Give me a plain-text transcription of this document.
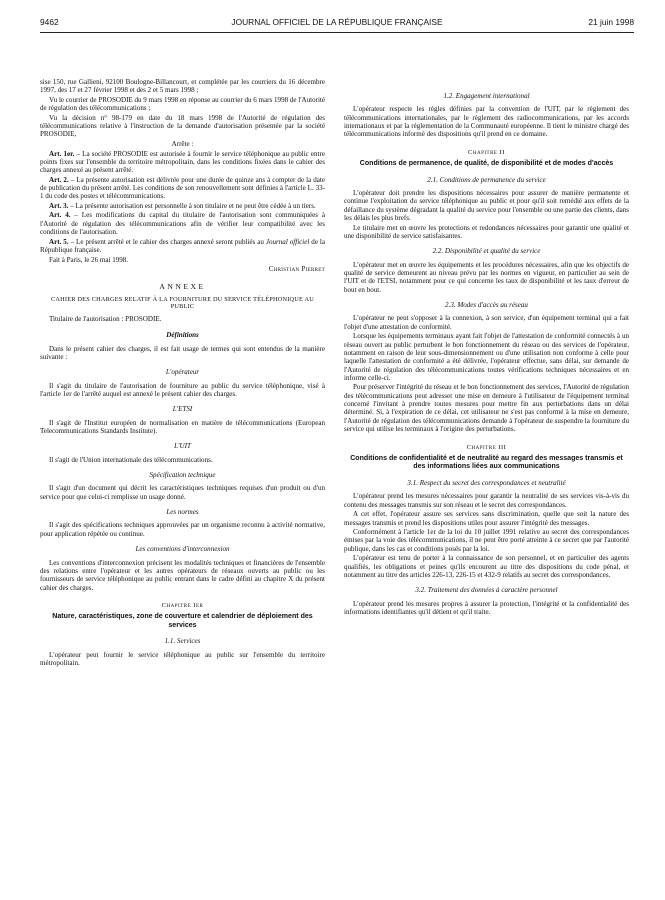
9462	JOURNAL OFFICIEL DE LA RÉPUBLIQUE FRANÇAISE	21 juin 1998

sise 150, rue Gallieni, 92100 Boulogne-Billancourt, et complétée par les courriers du 16 décembre 1997, des 17 et 27 février 1998 et des 2 et 5 mars 1998 ;

Vu le courrier de PROSODIE du 9 mars 1998 en réponse au courrier du 6 mars 1998 de l'Autorité de régulation des télécommunications ;

Vu la décision n° 98-179 en date du 18 mars 1998 de l'Autorité de régulation des télécommunications relative à l'instruction de la demande d'autorisation présentée par la société PROSODIE,

Arrête :

Art. 1er. – La société PROSODIE est autorisée à fournir le service téléphonique au public entre points fixes sur l'ensemble du territoire métropolitain, dans les conditions fixées dans le cahier des charges annexé au présent arrêté.

Art. 2. – La présente autorisation est délivrée pour une durée de quinze ans à compter de la date de publication du présent arrêté. Les conditions de son renouvellement sont définies à l'article L. 33-1 du code des postes et télécommunications.

Art. 3. – La présente autorisation est personnelle à son titulaire et ne peut être cédée à un tiers.

Art. 4. – Les modifications du capital du titulaire de l'autorisation sont communiquées à l'Autorité de régulation des télécommunications afin de vérifier leur compatibilité avec les conditions de l'autorisation.

Art. 5. – Le présent arrêté et le cahier des charges annexé seront publiés au Journal officiel de la République française.

Fait à Paris, le 26 mai 1998.

Christian Pierret

ANNEXE
CAHIER DES CHARGES RELATIF À LA FOURNITURE DU SERVICE TÉLÉPHONIQUE AU PUBLIC

Titulaire de l'autorisation : PROSODIE.

Définitions

Dans le présent cahier des charges, il est fait usage de termes qui sont entendus de la manière suivante :

L'opérateur

Il s'agit du titulaire de l'autorisation de fourniture au public du service téléphonique, visé à l'article 1er de l'arrêté auquel est annexé le présent cahier des charges.

L'ETSI

Il s'agit de l'Institut européen de normalisation en matière de télécommunications (European Telecommunications Standards Institute).

L'UIT

Il s'agit de l'Union internationale des télécommunications.

Spécification technique

Il s'agit d'un document qui décrit les caractéristiques techniques requises d'un produit ou d'un service pour que celui-ci remplisse un usage donné.

Les normes

Il s'agit des spécifications techniques approuvées par un organisme reconnu à activité normative, pour application répétée ou continue.

Les conventions d'interconnexion

Les conventions d'interconnexion précisent les modalités techniques et financières de l'ensemble des relations entre l'opérateur et les autres opérateurs de réseaux ouverts au public ou les fournisseurs de service téléphonique au public entrant dans le cadre défini au chapitre X du présent cahier des charges.

Chapitre Ier
Nature, caractéristiques, zone de couverture et calendrier de déploiement des services
1.1. Services

L'opérateur peut fournir le service téléphonique au public sur l'ensemble du territoire métropolitain.

1.2. Engagement international

L'opérateur respecte les règles définies par la convention de l'UIT, par le règlement des télécommunications internationales, par le règlement des radiocommunications, par les accords internationaux et par la réglementation de la Communauté européenne. Il tient le ministre chargé des télécommunications informé des dispositions qu'il prend en ce domaine.

Chapitre II
Conditions de permanence, de qualité, de disponibilité et de modes d'accès
2.1. Conditions de permanence du service

L'opérateur doit prendre les dispositions nécessaires pour assurer de manière permanente et continue l'exploitation du service téléphonique au public et pour qu'il soit remédié aux effets de la défaillance du système dégradant la qualité du service pour l'ensemble ou une partie des clients, dans les délais les plus brefs.

Le titulaire met en œuvre les protections et redondances nécessaires pour garantir une qualité et une disponibilité de service satisfaisantes.

2.2. Disponibilité et qualité du service

L'opérateur met en œuvre les équipements et les procédures nécessaires, afin que les objectifs de qualité de service demeurent au niveau prévu par les normes en vigueur, en particulier au sein de l'UIT et de l'ETSI, notamment pour ce qui concerne les taux de disponibilité et les taux d'erreur de bout en bout.

2.3. Modes d'accès au réseau

L'opérateur ne peut s'opposer à la connexion, à son service, d'un équipement terminal qui a fait l'objet d'une attestation de conformité.

Lorsque les équipements terminaux ayant fait l'objet de l'attestation de conformité connectés à un réseau ouvert au public perturbent le bon fonctionnement du réseau ou des services de l'opérateur, notamment en raison de leur sous-dimensionnement ou d'une utilisation non conforme à celle pour laquelle l'attestation de conformité a été délivrée, l'opérateur effectue, sans délai, sur demande de l'Autorité de régulation des télécommunications toutes vérifications techniques nécessaires et en informe celle-ci.

Pour préserver l'intégrité du réseau et le bon fonctionnement des services, l'Autorité de régulation des télécommunications peut adresser une mise en demeure à l'utilisateur de l'équipement terminal concerné l'invitant à prendre toutes mesures pour mettre fin aux perturbations dans un délai déterminé. Si, à l'expiration de ce délai, cet utilisateur ne s'est pas conformé à la mise en demeure, l'Autorité de régulation des télécommunications demande à l'opérateur de suspendre la fourniture du service qui utilise les terminaux à l'origine des perturbations.

Chapitre III
Conditions de confidentialité et de neutralité au regard des messages transmis et des informations liées aux communications
3.1. Respect du secret des correspondances et neutralité

L'opérateur prend les mesures nécessaires pour garantir la neutralité de ses services vis-à-vis du contenu des messages transmis sur son réseau et le secret des correspondances.

A cet effet, l'opérateur assure ses services sans discrimination, quelle que soit la nature des messages transmis et prend les dispositions utiles pour assurer l'intégrité des messages.

Conformément à l'article 1er de la loi du 10 juillet 1991 relative au secret des correspondances émises par la voie des télécommunications, il ne peut être porté atteinte à ce secret que par l'autorité publique, dans les cas et conditions posés par la loi.

L'opérateur est tenu de porter à la connaissance de son personnel, et en particulier des agents qualifiés, les obligations et peines qu'ils encourent au titre des dispositions du code pénal, et notamment au titre des articles 226-13, 226-15 et 432-9 relatifs au secret des correspondances.

3.2. Traitement des données à caractère personnel

L'opérateur prend les mesures propres à assurer la protection, l'intégrité et la confidentialité des informations identifiantes qu'il détient et qu'il traite.
